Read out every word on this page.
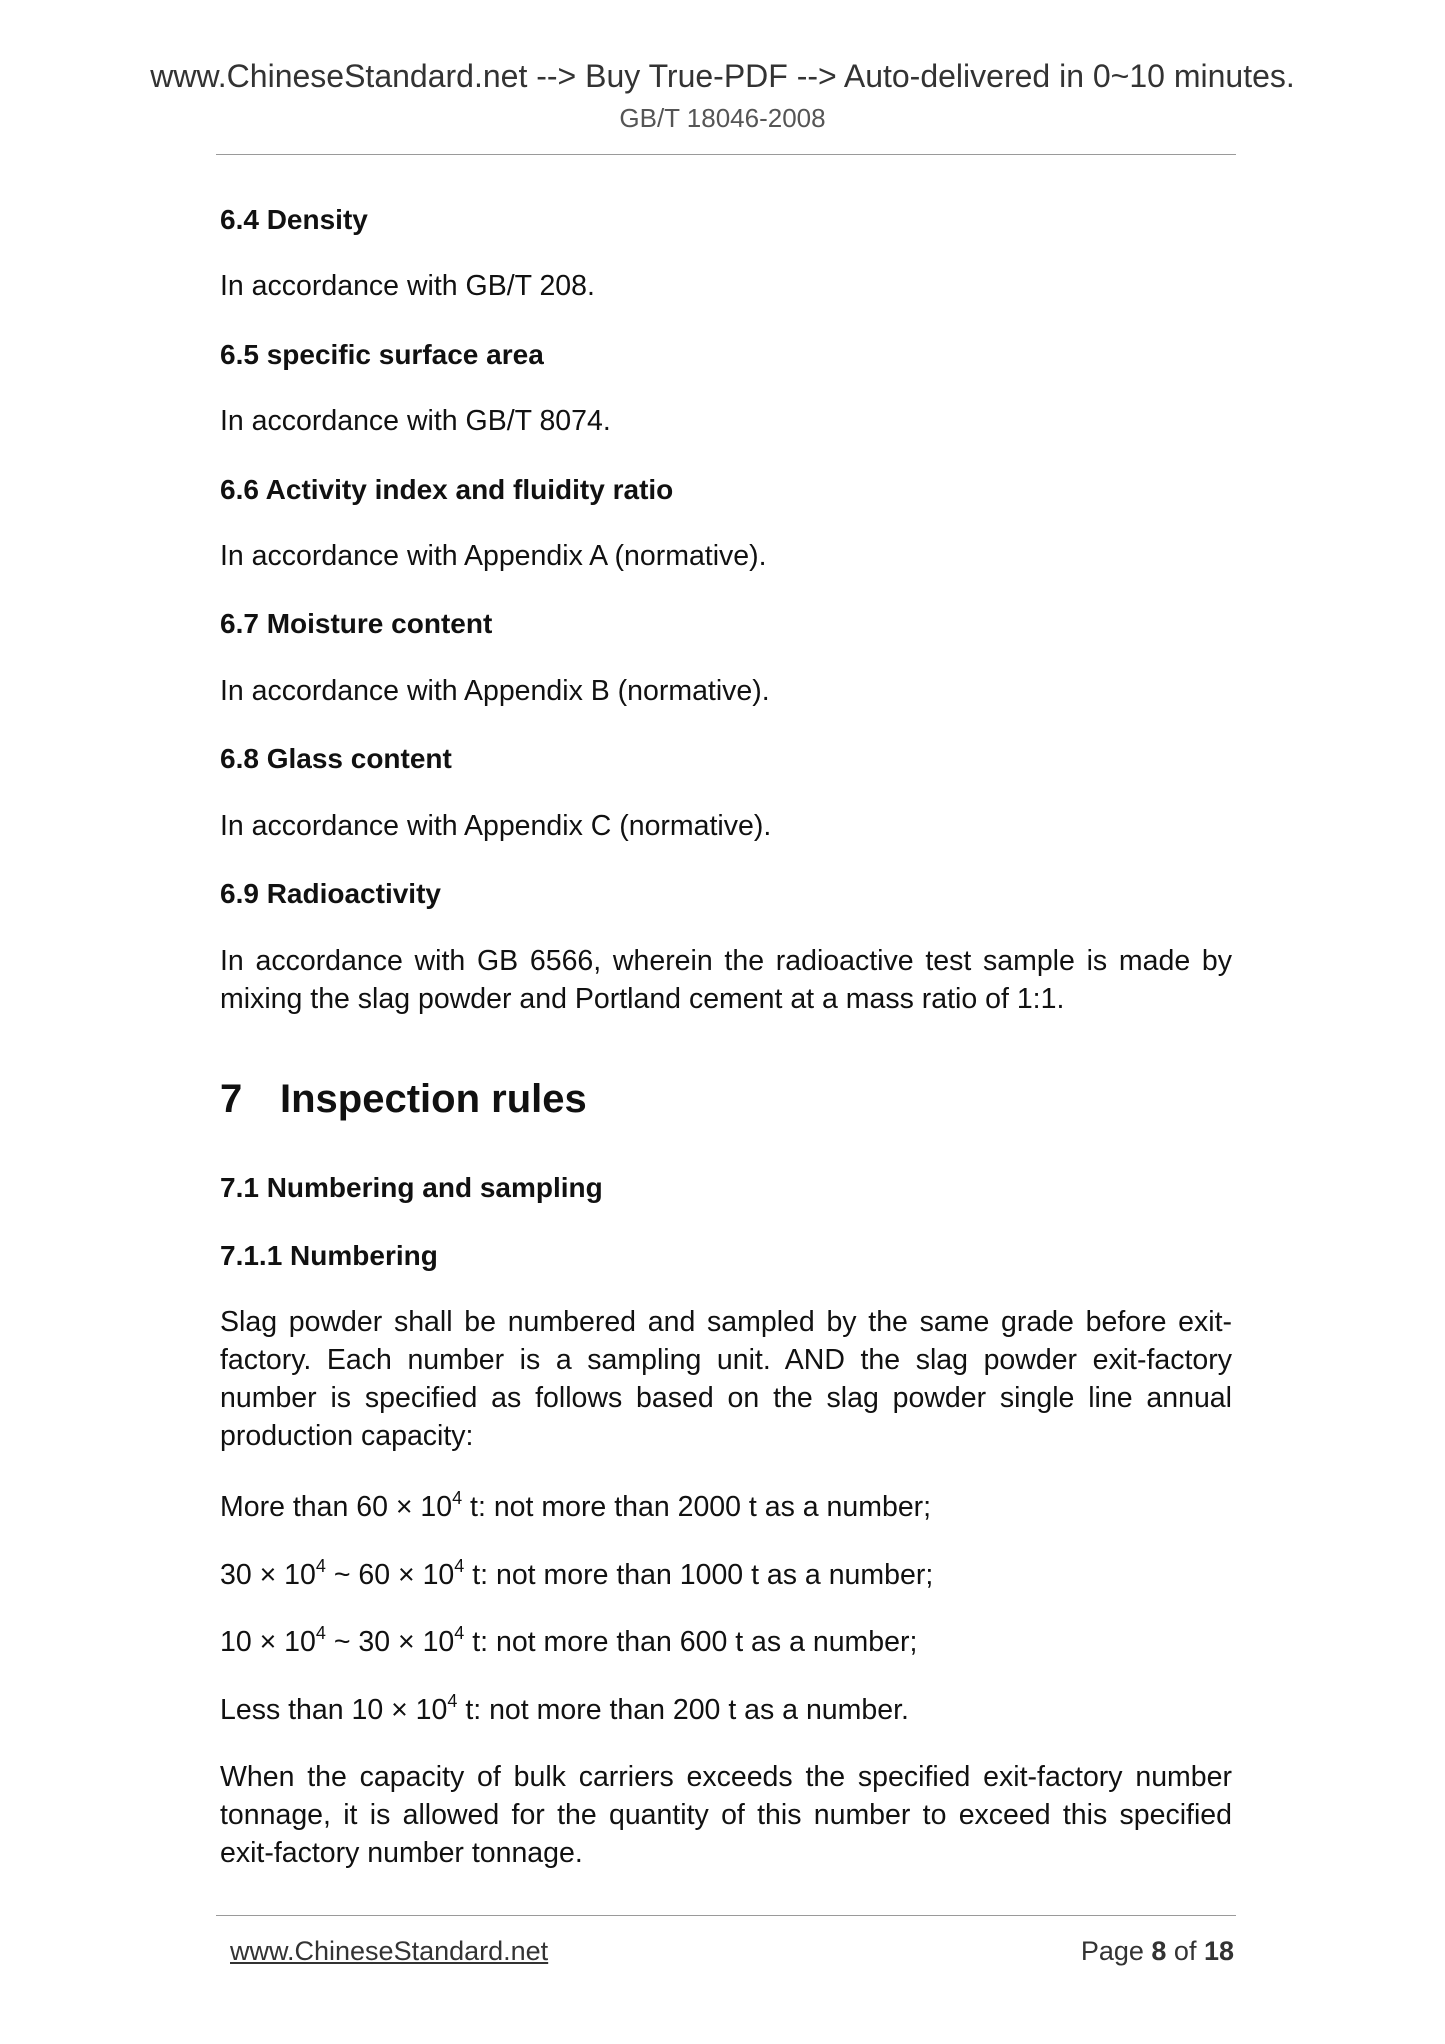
www.ChineseStandard.net --> Buy True-PDF --> Auto-delivered in 0~10 minutes.
GB/T 18046-2008
6.4 Density
In accordance with GB/T 208.
6.5 specific surface area
In accordance with GB/T 8074.
6.6 Activity index and fluidity ratio
In accordance with Appendix A (normative).
6.7 Moisture content
In accordance with Appendix B (normative).
6.8 Glass content
In accordance with Appendix C (normative).
6.9 Radioactivity
In accordance with GB 6566, wherein the radioactive test sample is made by mixing the slag powder and Portland cement at a mass ratio of 1:1.
7 Inspection rules
7.1 Numbering and sampling
7.1.1 Numbering
Slag powder shall be numbered and sampled by the same grade before exit-factory. Each number is a sampling unit. AND the slag powder exit-factory number is specified as follows based on the slag powder single line annual production capacity:
More than $60 \times 10^4$ t: not more than 2000 t as a number;
$30 \times 10^4$ ~ $60 \times 10^4$ t: not more than 1000 t as a number;
$10 \times 10^4$ ~ $30 \times 10^4$ t: not more than 600 t as a number;
Less than $10 \times 10^4$ t: not more than 200 t as a number.
When the capacity of bulk carriers exceeds the specified exit-factory number tonnage, it is allowed for the quantity of this number to exceed this specified exit-factory number tonnage.
www.ChineseStandard.net	Page 8 of 18
